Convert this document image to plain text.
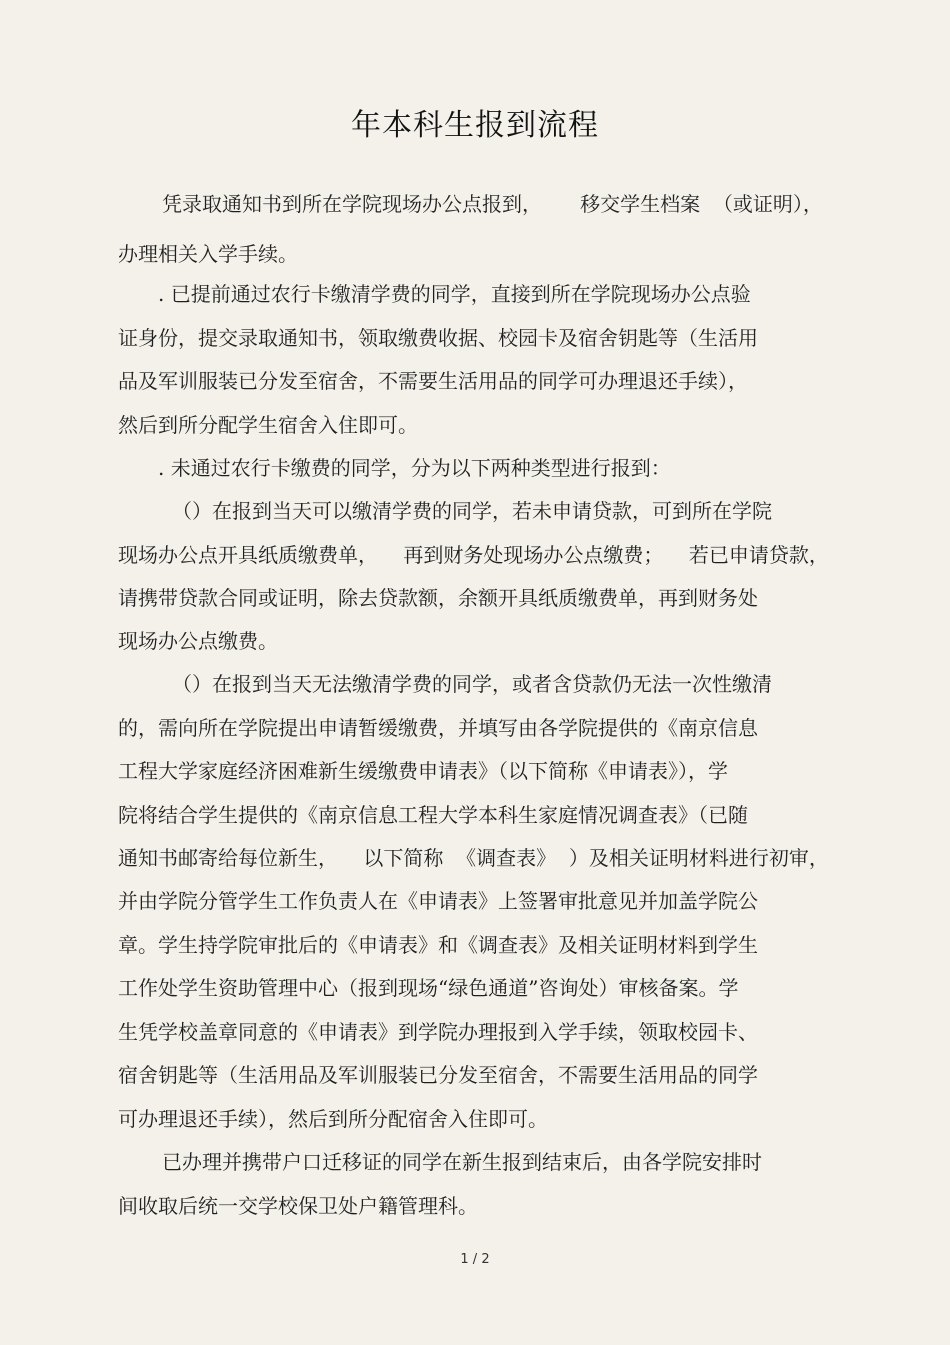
年本科生报到流程
凭录取通知书到所在学院现场办公点报到，      移交学生档案  （或证明），
办理相关入学手续。
. 已提前通过农行卡缴清学费的同学，直接到所在学院现场办公点验
证身份，提交录取通知书，领取缴费收据、校园卡及宿舍钥匙等（生活用
品及军训服装已分发至宿舍，不需要生活用品的同学可办理退还手续），
然后到所分配学生宿舍入住即可。
. 未通过农行卡缴费的同学，分为以下两种类型进行报到：
（）在报到当天可以缴清学费的同学，若未申请贷款，可到所在学院
现场办公点开具纸质缴费单，    再到财务处现场办公点缴费；    若已申请贷款，
请携带贷款合同或证明，除去贷款额，余额开具纸质缴费单，再到财务处
现场办公点缴费。
（）在报到当天无法缴清学费的同学，或者含贷款仍无法一次性缴清
的，需向所在学院提出申请暂缓缴费，并填写由各学院提供的《南京信息
工程大学家庭经济困难新生缓缴费申请表》（以下简称《申请表》），学
院将结合学生提供的《南京信息工程大学本科生家庭情况调查表》（已随
通知书邮寄给每位新生，    以下简称  《调查表》  ）及相关证明材料进行初审，
并由学院分管学生工作负责人在《申请表》上签署审批意见并加盖学院公
章。学生持学院审批后的《申请表》和《调查表》及相关证明材料到学生
工作处学生资助管理中心（报到现场“绿色通道”咨询处）审核备案。学
生凭学校盖章同意的《申请表》到学院办理报到入学手续，领取校园卡、
宿舍钥匙等（生活用品及军训服装已分发至宿舍，不需要生活用品的同学
可办理退还手续），然后到所分配宿舍入住即可。
已办理并携带户口迁移证的同学在新生报到结束后，由各学院安排时
间收取后统一交学校保卫处户籍管理科。
1 / 2
